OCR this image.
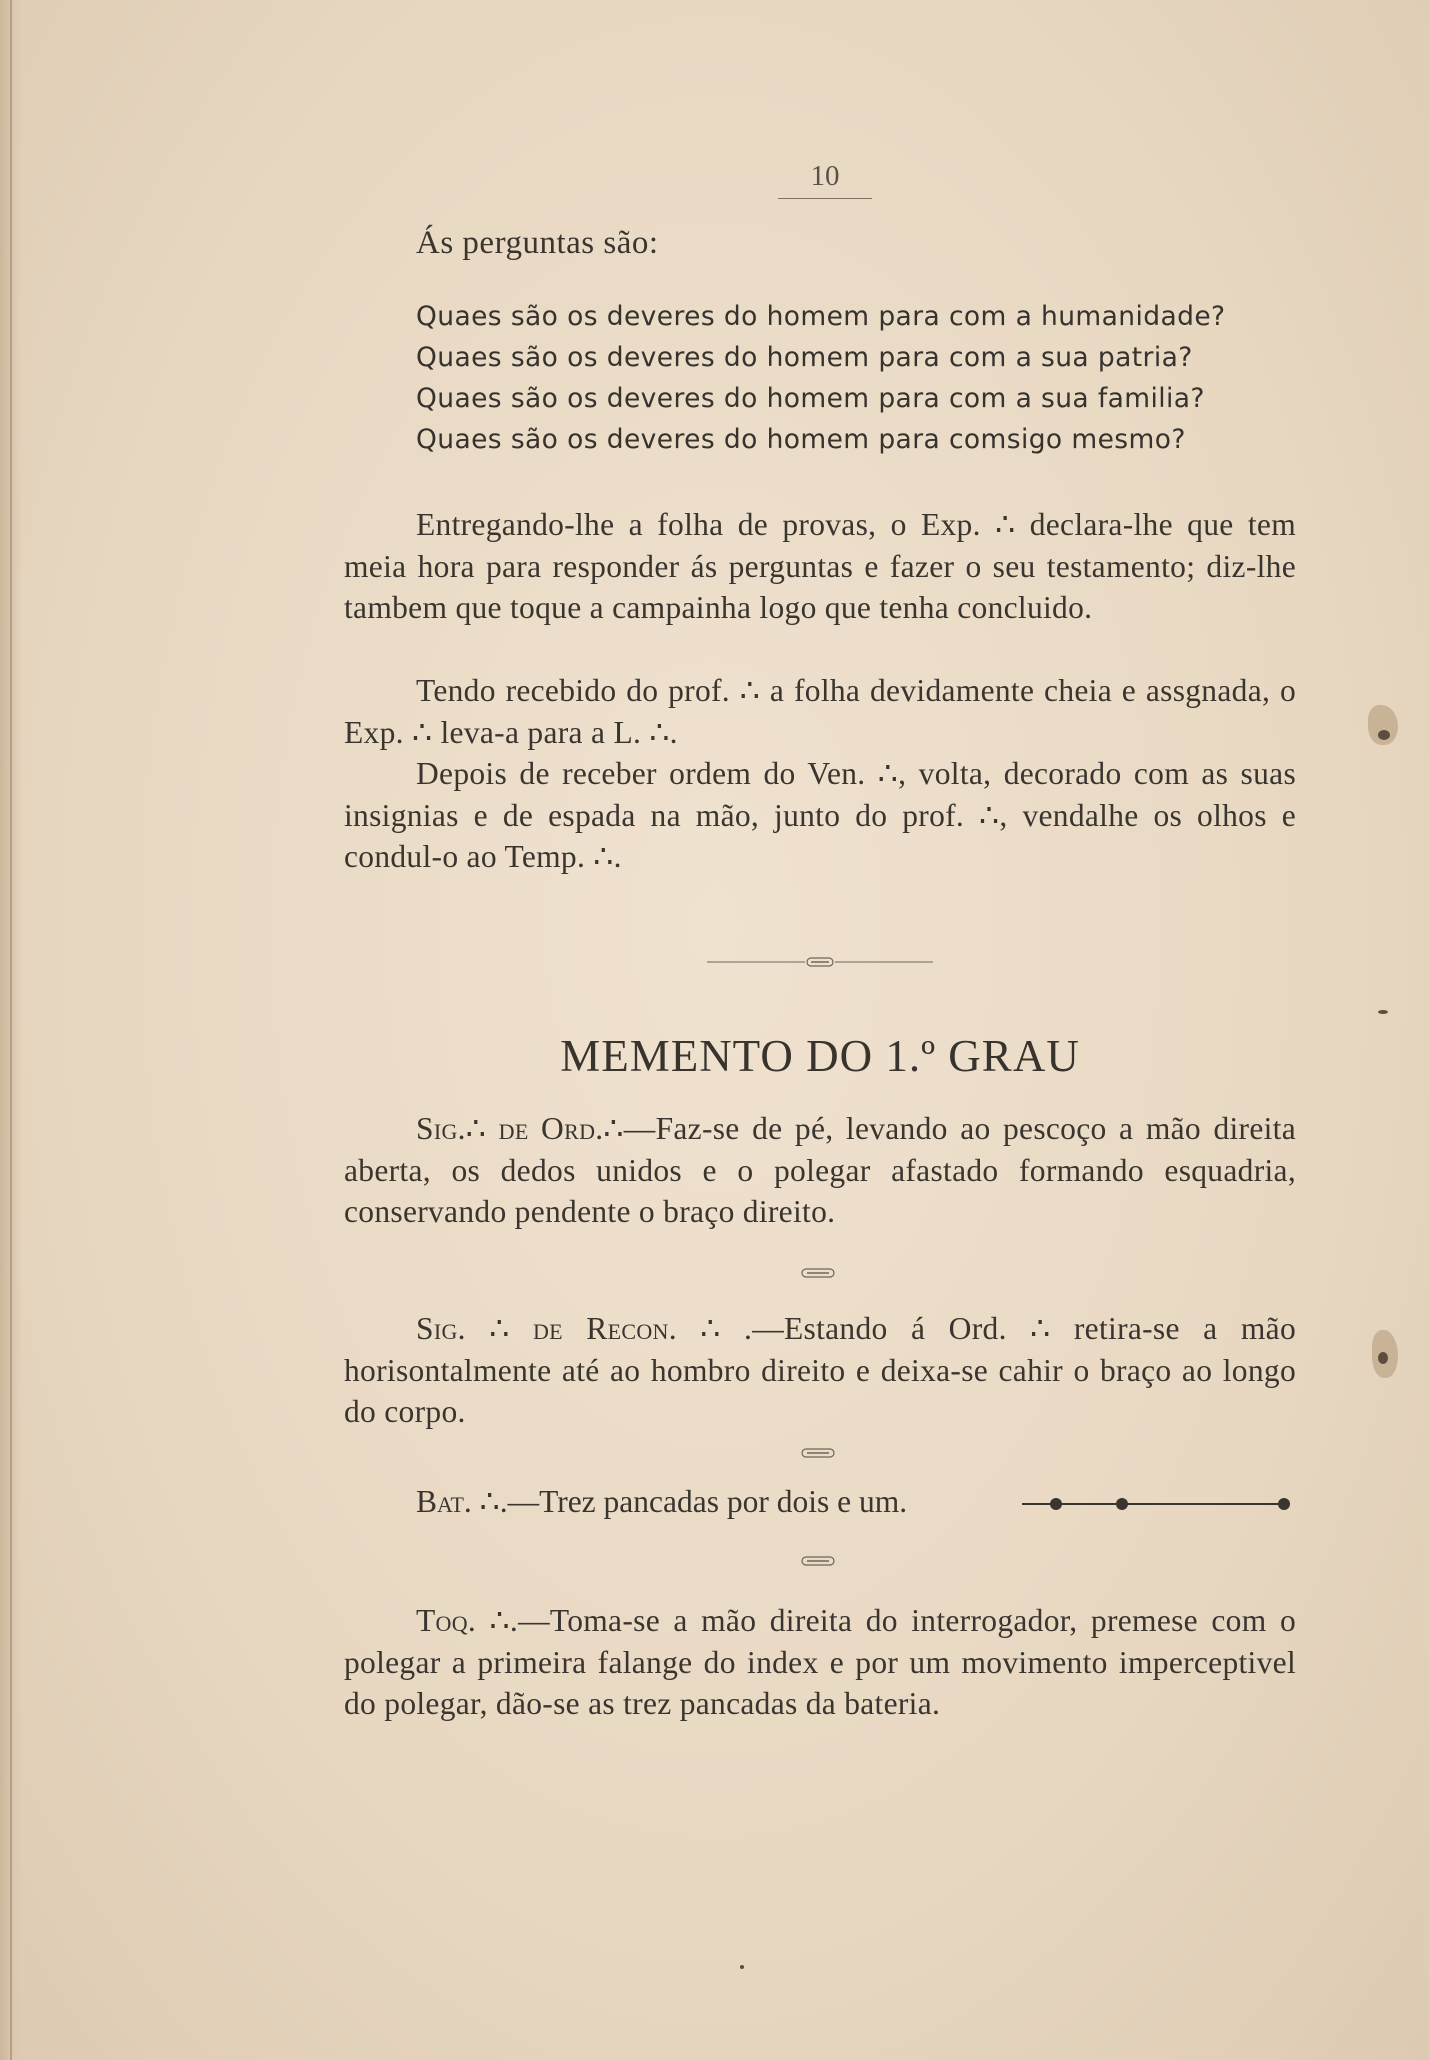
10
Ás perguntas são:
Quaes são os deveres do homem para com a humanidade?
Quaes são os deveres do homem para com a sua patria?
Quaes são os deveres do homem para com a sua familia?
Quaes são os deveres do homem para comsigo mesmo?
Entregando-lhe a folha de provas, o Exp. ∴ declara-lhe que tem meia hora para responder ás perguntas e fazer o seu testamento; diz-lhe tambem que toque a campainha logo que tenha concluido.
Tendo recebido do prof. ∴ a folha devidamente cheia e assgnada, o Exp. ∴ leva-a para a L. ∴.
Depois de receber ordem do Ven. ∴, volta, decorado com as suas insignias e de espada na mão, junto do prof. ∴, vendalhe os olhos e condul-o ao Temp. ∴.
MEMENTO DO 1.º GRAU
Sig.∴ de Ord.∴—Faz-se de pé, levando ao pescoço a mão direita aberta, os dedos unidos e o polegar afastado formando esquadria, conservando pendente o braço direito.
Sig. ∴ de Recon. ∴ .—Estando á Ord. ∴ retira-se a mão horisontalmente até ao hombro direito e deixa-se cahir o braço ao longo do corpo.
Bat. ∴.—Trez pancadas por dois e um.
Toq. ∴.—Toma-se a mão direita do interrogador, premese com o polegar a primeira falange do index e por um movimento imperceptivel do polegar, dão-se as trez pancadas da bateria.
